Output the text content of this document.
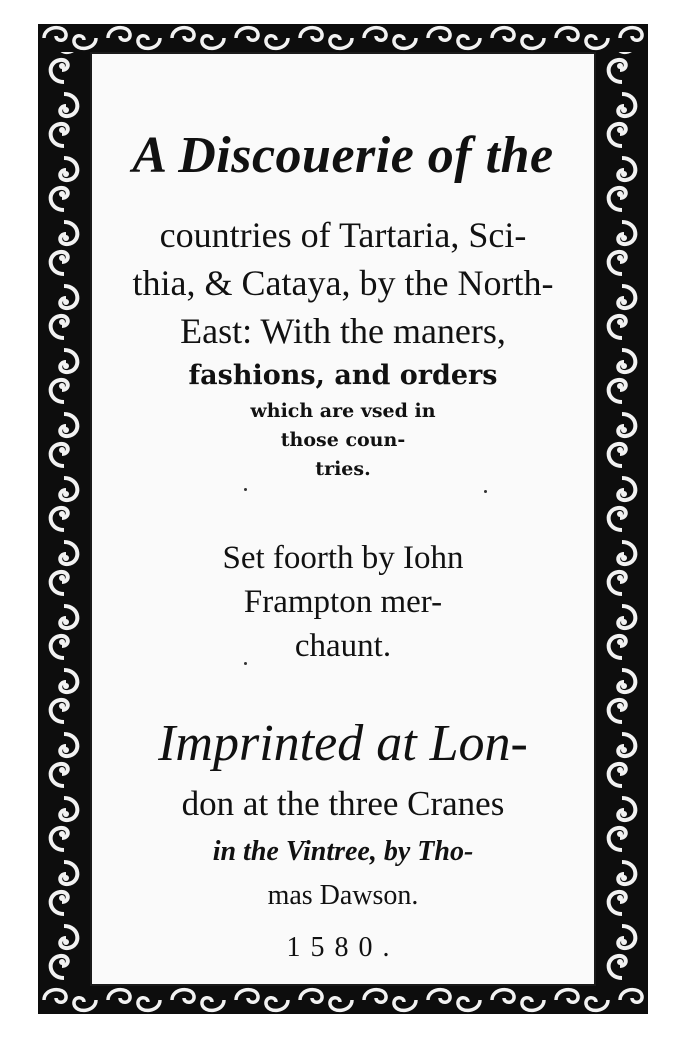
A Discouerie of the

countries of Tartaria, Sci-

thia, & Cataya, by the North-

East: With the maners,

fashions, and orders

which are vsed in

those coun-

tries.

Set foorth by Iohn

Frampton mer-

chaunt.

Imprinted at Lon-

don at the three Cranes

in the Vintree, by Tho-

mas Dawson.

1580.
